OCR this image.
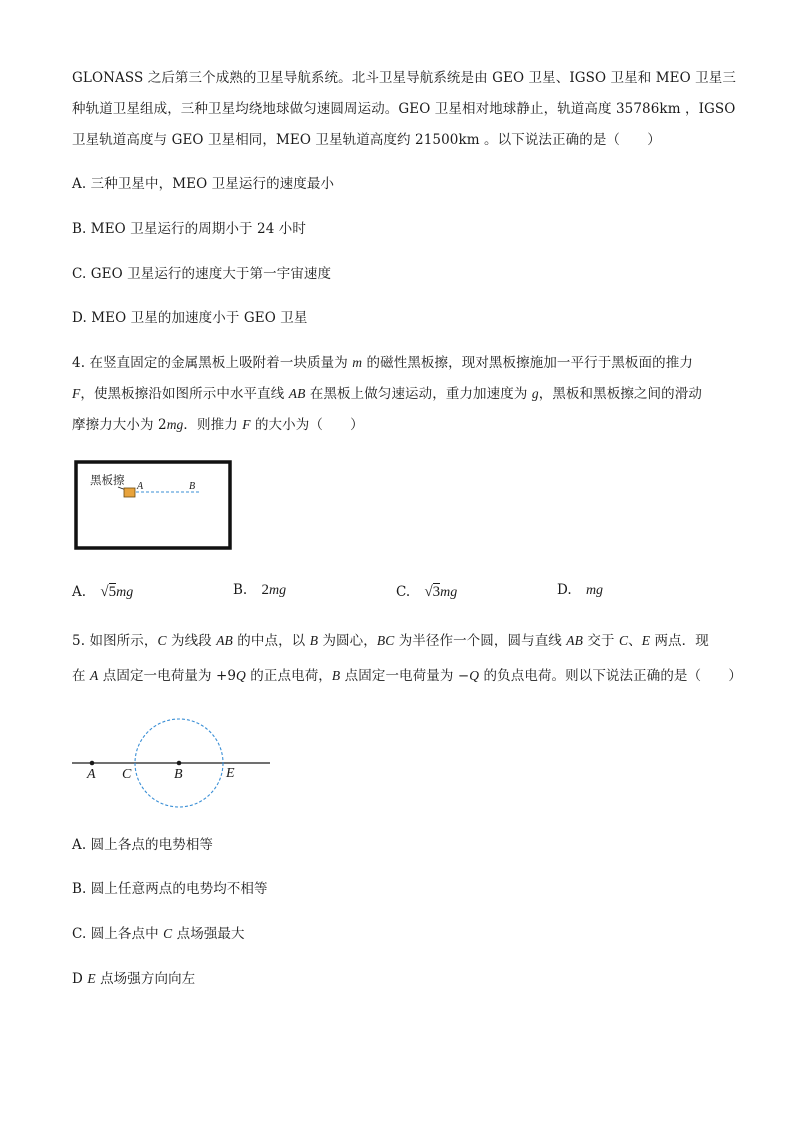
GLONASS 之后第三个成熟的卫星导航系统。北斗卫星导航系统是由 GEO 卫星、IGSO 卫星和 MEO 卫星三
种轨道卫星组成，三种卫星均绕地球做匀速圆周运动。GEO 卫星相对地球静止，轨道高度 35786km ，IGSO
卫星轨道高度与 GEO 卫星相同，MEO 卫星轨道高度约 21500km 。以下说法正确的是（　　）
A. 三种卫星中，MEO 卫星运行的速度最小
B. MEO 卫星运行的周期小于 24 小时
C. GEO 卫星运行的速度大于第一宇宙速度
D. MEO 卫星的加速度小于 GEO 卫星
4. 在竖直固定的金属黑板上吸附着一块质量为 m 的磁性黑板擦，现对黑板擦施加一平行于黑板面的推力
F，使黑板擦沿如图所示中水平直线 AB 在黑板上做匀速运动，重力加速度为 g，黑板和黑板擦之间的滑动
摩擦力大小为 2mg．则推力 F 的大小为（　　）
黑板擦 A	B
A. √5mg	B. 2mg	C. √3mg	D. mg
5. 如图所示，C 为线段 AB 的中点，以 B 为圆心，BC 为半径作一个圆，圆与直线 AB 交于 C、E 两点．现
在 A 点固定一电荷量为 +9Q 的正点电荷，B 点固定一电荷量为 −Q 的负点电荷。则以下说法正确的是（　　）
A C	B	E
A. 圆上各点的电势相等
B. 圆上任意两点的电势均不相等
C. 圆上各点中 C 点场强最大
D E 点场强方向向左
